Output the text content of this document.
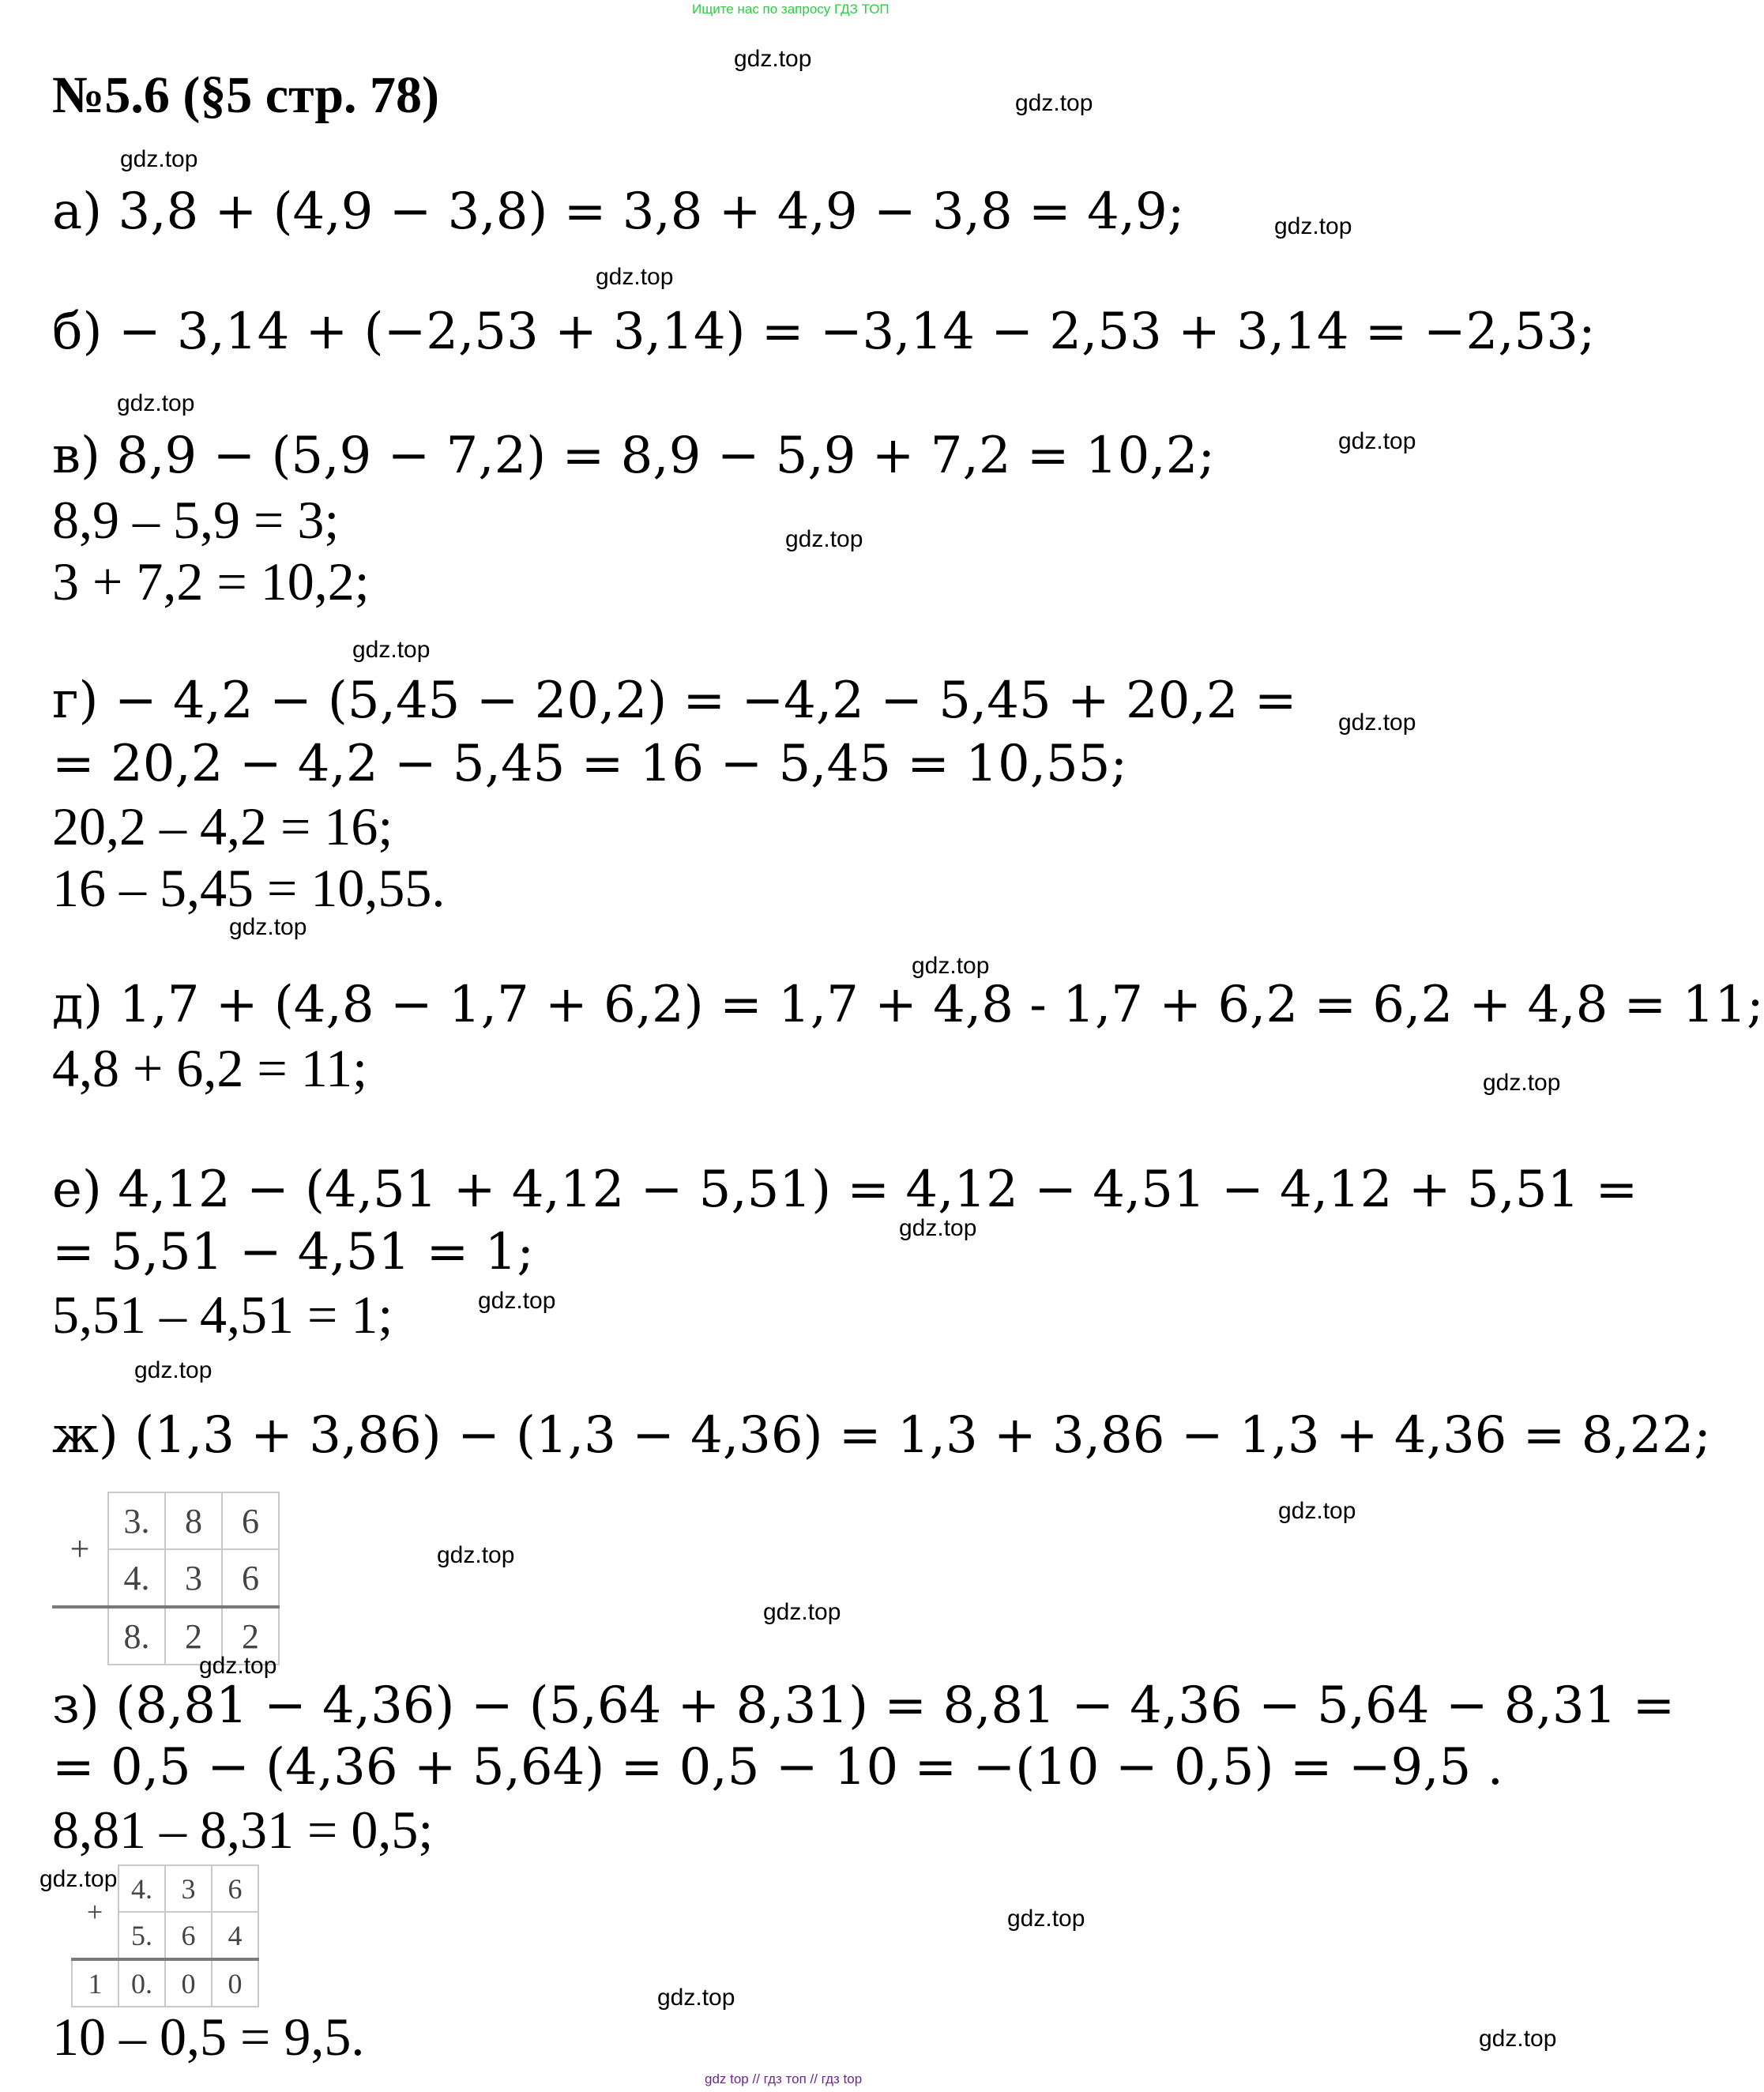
Ищите нас по запросу ГДЗ ТОП
№5.6 (§5 стр. 78)
а) 3,8 + (4,9 − 3,8) = 3,8 + 4,9 − 3,8 = 4,9;
б) − 3,14 + (−2,53 + 3,14) = −3,14 − 2,53 + 3,14 = −2,53;
в) 8,9 − (5,9 − 7,2) = 8,9 − 5,9 + 7,2 = 10,2;
8,9 – 5,9 = 3;
3 + 7,2 = 10,2;
г) − 4,2 − (5,45 − 20,2) = −4,2 − 5,45 + 20,2 =
= 20,2 − 4,2 − 5,45 = 16 − 5,45 = 10,55;
20,2 – 4,2 = 16;
16 – 5,45 = 10,55.
д) 1,7 + (4,8 − 1,7 + 6,2) = 1,7 + 4,8 - 1,7 + 6,2 = 6,2 + 4,8 = 11;
4,8 + 6,2 = 11;
е) 4,12 − (4,51 + 4,12 − 5,51) = 4,12 − 4,51 − 4,12 + 5,51 =
= 5,51 − 4,51 = 1;
5,51 – 4,51 = 1;
ж) (1,3 + 3,86) − (1,3 − 4,36) = 1,3 + 3,86 − 1,3 + 4,36 = 8,22;
+	3.	8	6
	4.	3	6
	8.	2	2
з) (8,81 − 4,36) − (5,64 + 8,31) = 8,81 − 4,36 − 5,64 − 8,31 =
= 0,5 − (4,36 + 5,64) = 0,5 − 10 = −(10 − 0,5) = −9,5 .
8,81 – 8,31 = 0,5;
+	4.	3	6
	5.	6	4
1	0.	0	0
10 – 0,5 = 9,5.
gdz.top
gdz.top
gdz.top
gdz.top
gdz.top
gdz.top
gdz.top
gdz.top
gdz.top
gdz.top
gdz.top
gdz.top
gdz.top
gdz.top
gdz.top
gdz.top
gdz.top
gdz.top
gdz.top
gdz.top
gdz.top
gdz.top
gdz.top
gdz.top
gdz top // гдз топ // гдз top
